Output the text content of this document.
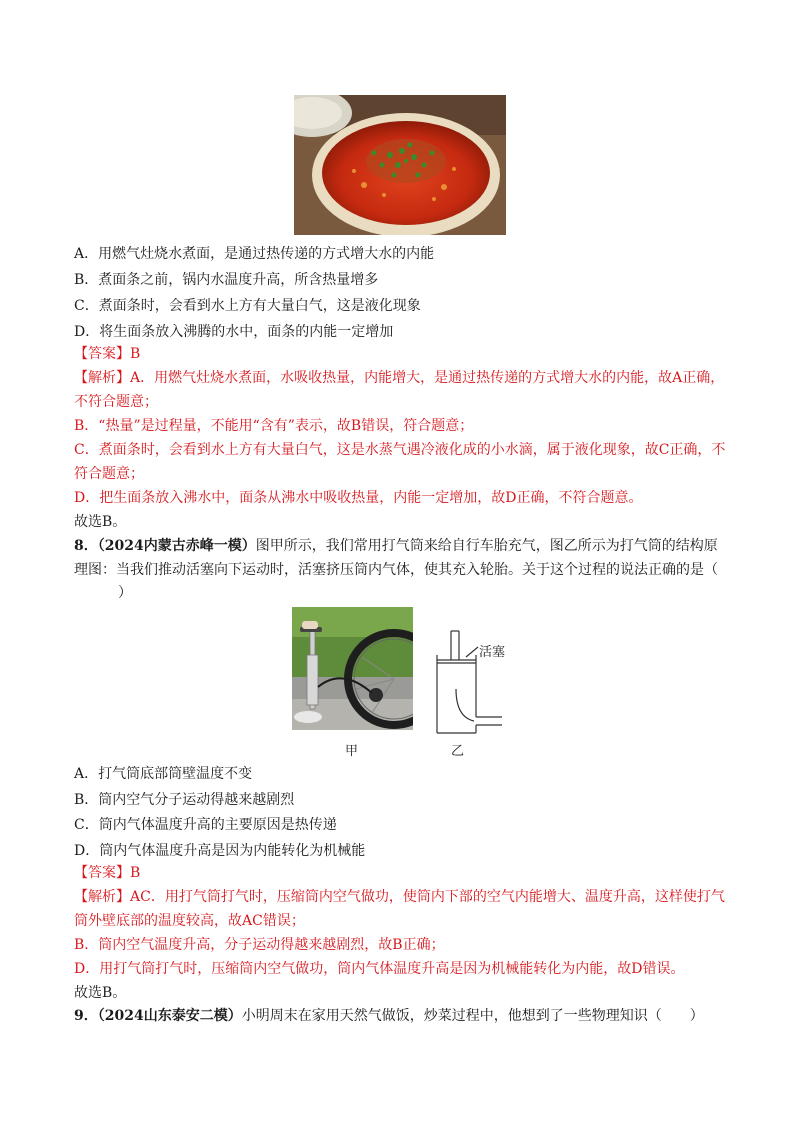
A．用燃气灶烧水煮面，是通过热传递的方式增大水的内能
B．煮面条之前，锅内水温度升高，所含热量增多
C．煮面条时，会看到水上方有大量白气，这是液化现象
D．将生面条放入沸腾的水中，面条的内能一定增加
【答案】B
【解析】A．用燃气灶烧水煮面，水吸收热量，内能增大，是通过热传递的方式增大水的内能，故A正确，
不符合题意；
B．“热量”是过程量，不能用“含有”表示，故B错误，符合题意；
C．煮面条时，会看到水上方有大量白气，这是水蒸气遇冷液化成的小水滴，属于液化现象，故C正确，不
符合题意；
D．把生面条放入沸水中，面条从沸水中吸收热量，内能一定增加，故D正确，不符合题意。
故选B。
8．（2024内蒙古赤峰一模）图甲所示，我们常用打气筒来给自行车胎充气，图乙所示为打气筒的结构原
理图：当我们推动活塞向下运动时，活塞挤压筒内气体，使其充入轮胎。关于这个过程的说法正确的是（
）
甲
活塞
乙
A．打气筒底部筒壁温度不变
B．筒内空气分子运动得越来越剧烈
C．筒内气体温度升高的主要原因是热传递
D．筒内气体温度升高是因为内能转化为机械能
【答案】B
【解析】AC．用打气筒打气时，压缩筒内空气做功，使筒内下部的空气内能增大、温度升高，这样使打气
筒外壁底部的温度较高，故AC错误；
B．筒内空气温度升高，分子运动得越来越剧烈，故B正确；
D．用打气筒打气时，压缩筒内空气做功，筒内气体温度升高是因为机械能转化为内能，故D错误。
故选B。
9．（2024山东泰安二模）小明周末在家用天然气做饭，炒菜过程中，他想到了一些物理知识（　　）
